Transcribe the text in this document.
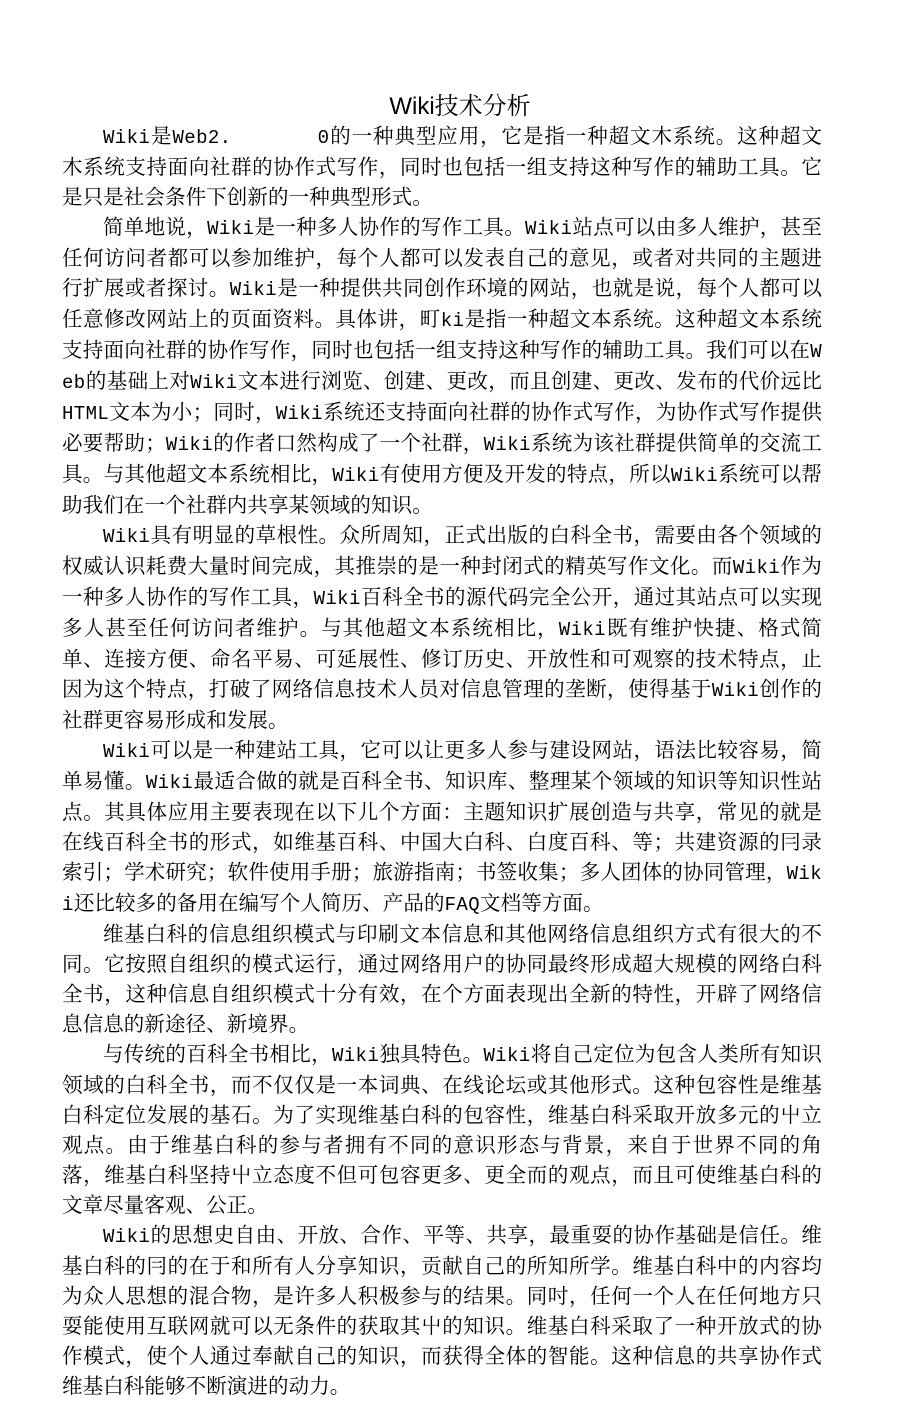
Wiki技术分析

Wiki是Web2.	0的一种典型应用，它是指一种超文木系统。这种超文木系统支持面向社群的协作式写作，同时也包括一组支持这种写作的辅助工具。它是只是社会条件下创新的一种典型形式。

简单地说，Wiki是一种多人协作的写作工具。Wiki站点可以由多人维护，甚至任何访问者都可以参加维护，每个人都可以发表自己的意见，或者对共同的主题进行扩展或者探讨。Wiki是一种提供共同创作环境的网站，也就是说，每个人都可以任意修改网站上的页面资料。具体讲，町ki是指一种超文本系统。这种超文本系统支持面向社群的协作写作，同时也包括一组支持这种写作的辅助工具。我们可以在Web的基础上对Wiki文本进行浏览、创建、更改，而且创建、更改、发布的代价远比HTML文本为小；同时，Wiki系统还支持面向社群的协作式写作，为协作式写作提供必要帮助；Wiki的作者口然构成了一个社群，Wiki系统为该社群提供简单的交流工具。与其他超文本系统相比，Wiki有使用方便及开发的特点，所以Wiki系统可以帮助我们在一个社群内共享某领域的知识。

Wiki具有明显的草根性。众所周知，正式出版的白科全书，需要由各个领域的权威认识耗费大量时间完成，其推崇的是一种封闭式的精英写作文化。而Wiki作为一种多人协作的写作工具，Wiki百科全书的源代码完全公开，通过其站点可以实现多人甚至任何访问者维护。与其他超文本系统相比，Wiki既有维护快捷、格式简单、连接方便、命名平易、可延展性、修订历史、开放性和可观察的技术特点，止因为这个特点，打破了网络信息技术人员对信息管理的垄断，使得基于Wiki创作的社群更容易形成和发展。

Wiki可以是一种建站工具，它可以让更多人参与建设网站，语法比较容易，简单易懂。Wiki最适合做的就是百科全书、知识库、整理某个领域的知识等知识性站点。其具体应用主要表现在以下儿个方面：主题知识扩展创造与共享，常见的就是在线百科全书的形式，如维基百科、中国大白科、白度百科、等；共建资源的冃录索引；学术研究；软件使用手册；旅游指南；书签收集；多人团体的协同管理，Wiki还比较多的备用在编写个人简历、产品的FAQ文档等方面。

维基白科的信息组织模式与印刷文本信息和其他网络信息组织方式有很大的不同。它按照自组织的模式运行，通过网络用户的协同最终形成超大规模的网络白科全书，这种信息自组织模式十分有效，在个方面表现出全新的特性，开辟了网络信息信息的新途径、新境界。

与传统的百科全书相比，Wiki独具特色。Wiki将自己定位为包含人类所有知识领域的白科全书，而不仅仅是一本词典、在线论坛或其他形式。这种包容性是维基白科定位发展的基石。为了实现维基白科的包容性，维基白科采取开放多元的屮立观点。由于维基白科的参与者拥有不同的意识形态与背景，来自于世界不同的角落，维基白科坚持屮立态度不但可包容更多、更全而的观点，而且可使维基白科的文章尽量客观、公正。

Wiki的思想史自由、开放、合作、平等、共享，最重耍的协作基础是信任。维基白科的冃的在于和所有人分享知识，贡献自己的所知所学。维基白科中的内容均为众人思想的混合物，是许多人积极参与的结果。同吋，任何一个人在任何地方只耍能使用互联网就可以无条件的获取其屮的知识。维基白科采取了一种开放式的协作模式，使个人通过奉献自己的知识，而获得全体的智能。这种信息的共享协作式维基白科能够不断演进的动力。
